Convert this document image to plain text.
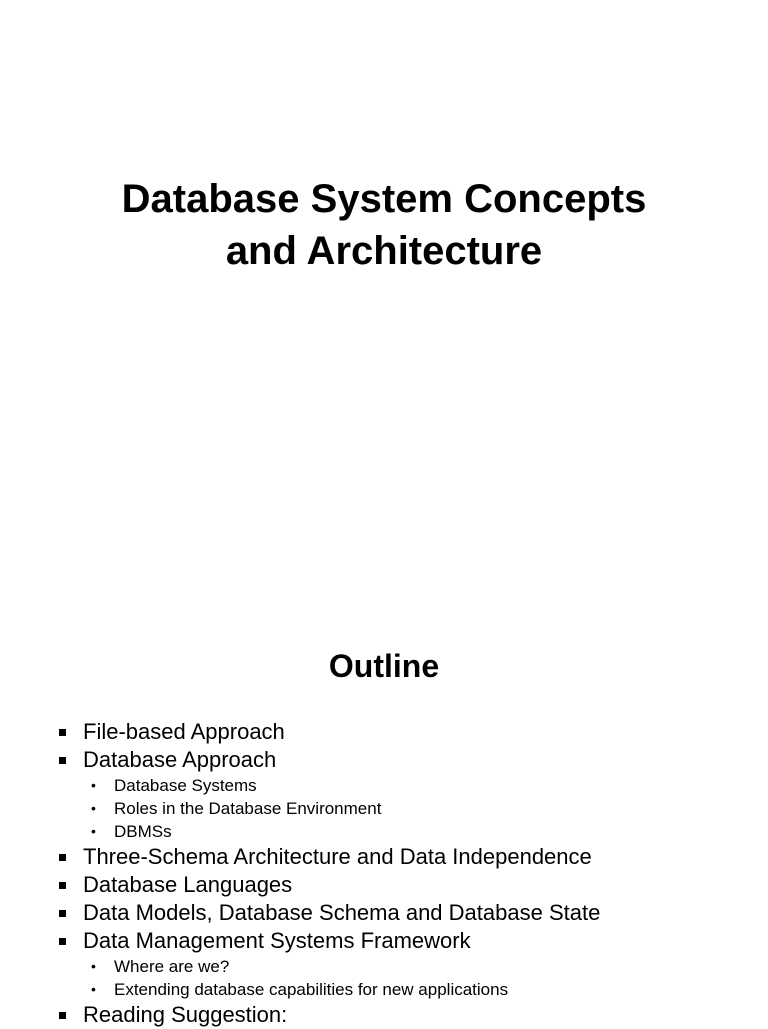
Database System Concepts
and Architecture
Outline
File-based Approach
Database Approach
• Database Systems
• Roles in the Database Environment
• DBMSs
Three-Schema Architecture and Data Independence
Database Languages
Data Models, Database Schema and Database State
Data Management Systems Framework
• Where are we?
• Extending database capabilities for new applications
Reading Suggestion:
